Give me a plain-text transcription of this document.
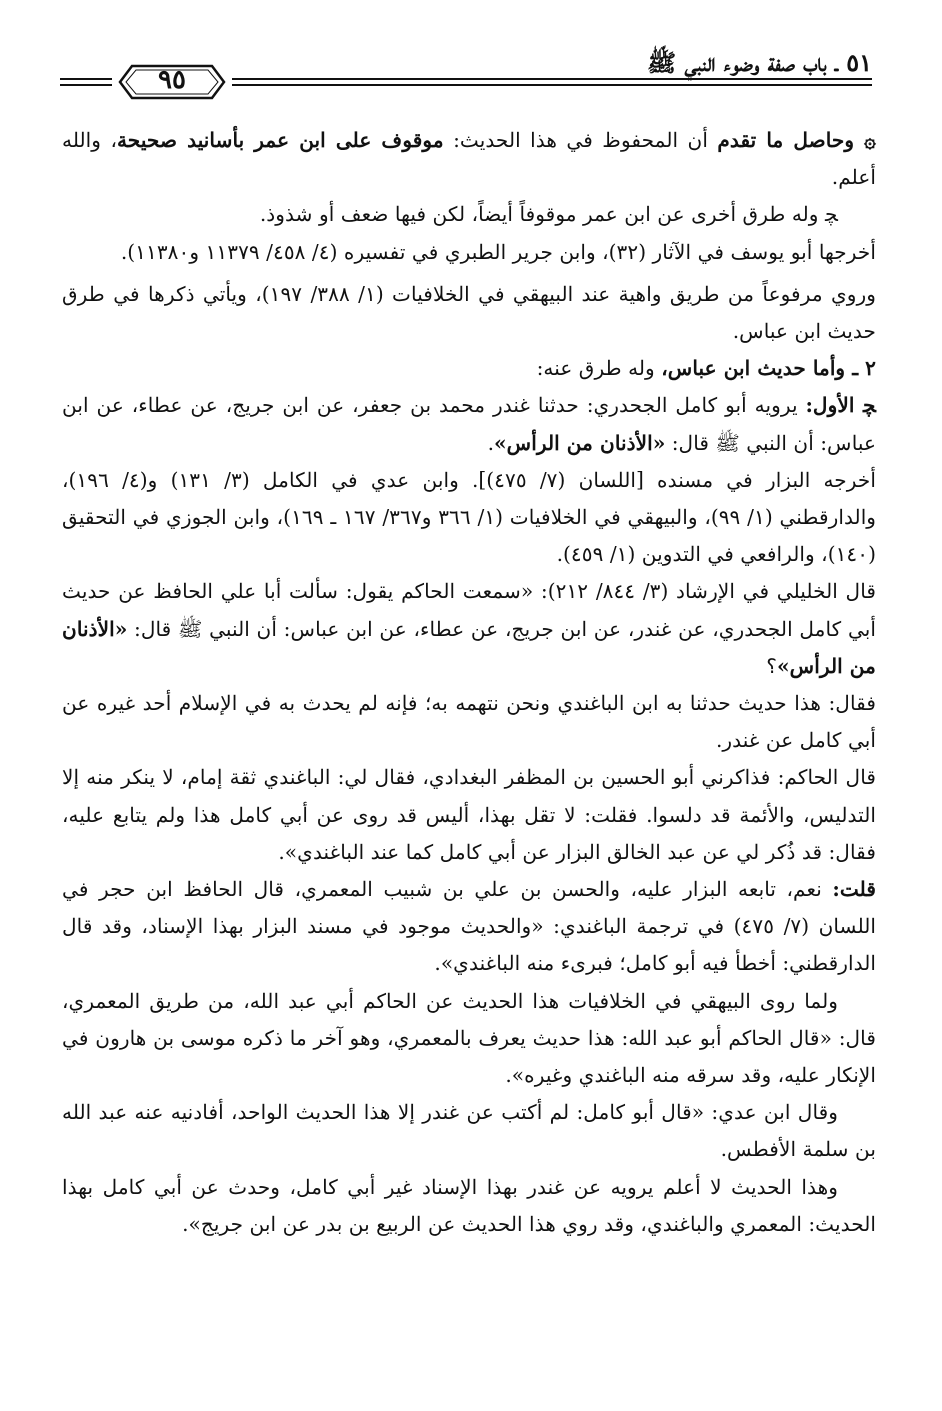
٥١ ـ باب صفة وضوء النبي ﷺ
٩٥

۞ وحاصل ما تقدم أن المحفوظ في هذا الحديث: موقوف على ابن عمر بأسانيد صحيحة، والله أعلم.

ﭽ وله طرق أخرى عن ابن عمر موقوفاً أيضاً، لكن فيها ضعف أو شذوذ.

أخرجها أبو يوسف في الآثار (٣٢)، وابن جرير الطبري في تفسيره (٤/ ٤٥٨/ ١١٣٧٩ و١١٣٨٠).

وروي مرفوعاً من طريق واهية عند البيهقي في الخلافيات (١/ ٣٨٨/ ١٩٧)، ويأتي ذكرها في طرق حديث ابن عباس.

٢ ـ وأما حديث ابن عباس، وله طرق عنه:

ﭽ الأول: يرويه أبو كامل الجحدري: حدثنا غندر محمد بن جعفر، عن ابن جريج، عن عطاء، عن ابن عباس: أن النبي ﷺ قال: «الأذنان من الرأس».

أخرجه البزار في مسنده [اللسان (٧/ ٤٧٥)]. وابن عدي في الكامل (٣/ ١٣١) و(٤/ ١٩٦)، والدارقطني (١/ ٩٩)، والبيهقي في الخلافيات (١/ ٣٦٦ و٣٦٧/ ١٦٧ ـ ١٦٩)، وابن الجوزي في التحقيق (١٤٠)، والرافعي في التدوين (١/ ٤٥٩).

قال الخليلي في الإرشاد (٣/ ٨٤٤/ ٢١٢): «سمعت الحاكم يقول: سألت أبا علي الحافظ عن حديث أبي كامل الجحدري، عن غندر، عن ابن جريج، عن عطاء، عن ابن عباس: أن النبي ﷺ قال: «الأذنان من الرأس»؟

فقال: هذا حديث حدثنا به ابن الباغندي ونحن نتهمه به؛ فإنه لم يحدث به في الإسلام أحد غيره عن أبي كامل عن غندر.

قال الحاكم: فذاكرني أبو الحسين بن المظفر البغدادي، فقال لي: الباغندي ثقة إمام، لا ينكر منه إلا التدليس، والأئمة قد دلسوا. فقلت: لا تقل بهذا، أليس قد روى عن أبي كامل هذا ولم يتابع عليه، فقال: قد ذُكر لي عن عبد الخالق البزار عن أبي كامل كما عند الباغندي».

قلت: نعم، تابعه البزار عليه، والحسن بن علي بن شبيب المعمري، قال الحافظ ابن حجر في اللسان (٧/ ٤٧٥) في ترجمة الباغندي: «والحديث موجود في مسند البزار بهذا الإسناد، وقد قال الدارقطني: أخطأ فيه أبو كامل؛ فبرىء منه الباغندي».

ولما روى البيهقي في الخلافيات هذا الحديث عن الحاكم أبي عبد الله، من طريق المعمري، قال: «قال الحاكم أبو عبد الله: هذا حديث يعرف بالمعمري، وهو آخر ما ذكره موسى بن هارون في الإنكار عليه، وقد سرقه منه الباغندي وغيره».

وقال ابن عدي: «قال أبو كامل: لم أكتب عن غندر إلا هذا الحديث الواحد، أفادنيه عنه عبد الله بن سلمة الأفطس.

وهذا الحديث لا أعلم يرويه عن غندر بهذا الإسناد غير أبي كامل، وحدث عن أبي كامل بهذا الحديث: المعمري والباغندي، وقد روي هذا الحديث عن الربيع بن بدر عن ابن جريج».
